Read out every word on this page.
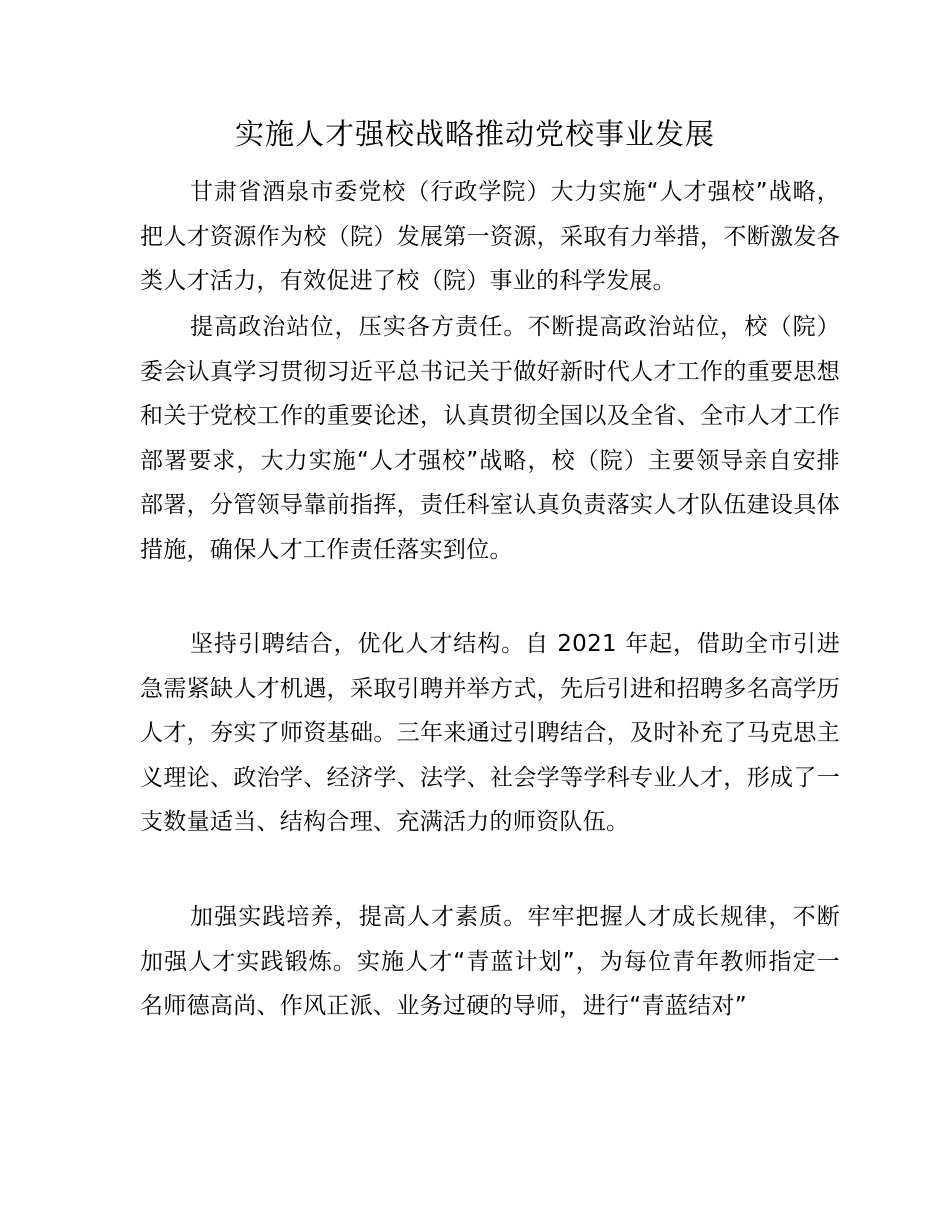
实施人才强校战略推动党校事业发展

甘肃省酒泉市委党校（行政学院）大力实施“人才强校”战略，把人才资源作为校（院）发展第一资源，采取有力举措，不断激发各类人才活力，有效促进了校（院）事业的科学发展。

提高政治站位，压实各方责任。不断提高政治站位，校（院）委会认真学习贯彻习近平总书记关于做好新时代人才工作的重要思想和关于党校工作的重要论述，认真贯彻全国以及全省、全市人才工作部署要求，大力实施“人才强校”战略，校（院）主要领导亲自安排部署，分管领导靠前指挥，责任科室认真负责落实人才队伍建设具体措施，确保人才工作责任落实到位。

坚持引聘结合，优化人才结构。自 2021 年起，借助全市引进急需紧缺人才机遇，采取引聘并举方式，先后引进和招聘多名高学历人才，夯实了师资基础。三年来通过引聘结合，及时补充了马克思主义理论、政治学、经济学、法学、社会学等学科专业人才，形成了一支数量适当、结构合理、充满活力的师资队伍。

加强实践培养，提高人才素质。牢牢把握人才成长规律，不断加强人才实践锻炼。实施人才“青蓝计划”，为每位青年教师指定一名师德高尚、作风正派、业务过硬的导师，进行“青蓝结对”
